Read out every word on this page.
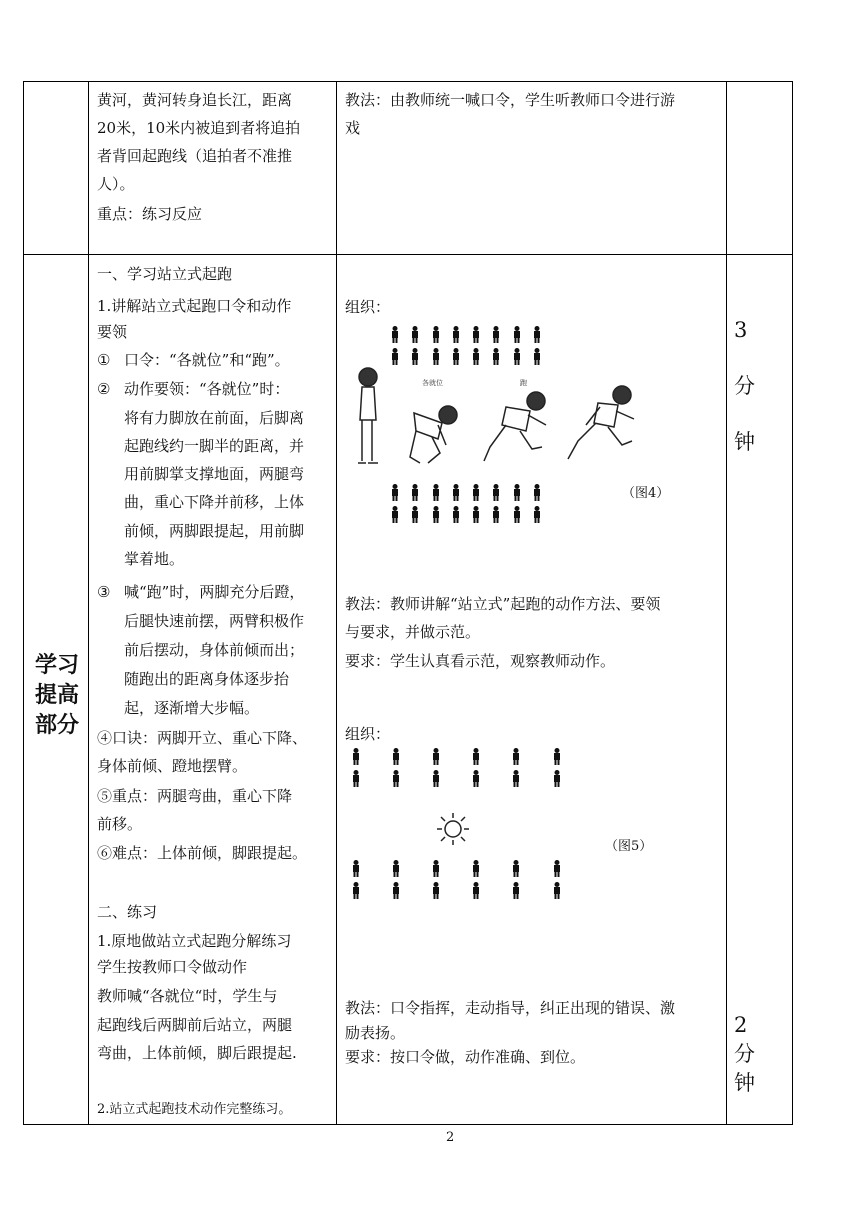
黄河，黄河转身追长江，距离
20米，10米内被追到者将追拍
者背回起跑线（追拍者不准推
人）。
重点：练习反应
教法：由教师统一喊口令，学生听教师口令进行游
戏
学习
提高
部分
一、学习站立式起跑
1.讲解站立式起跑口令和动作
要领
① 口令：“各就位”和“跑”。
② 动作要领：“各就位”时：
将有力脚放在前面，后脚离
起跑线约一脚半的距离，并
用前脚掌支撑地面，两腿弯
曲，重心下降并前移，上体
前倾，两脚跟提起，用前脚
掌着地。
③ 喊“跑”时，两脚充分后蹬，
后腿快速前摆，两臂积极作
前后摆动，身体前倾而出；
随跑出的距离身体逐步抬
起，逐渐增大步幅。
④口诀：两脚开立、重心下降、
身体前倾、蹬地摆臂。
⑤重点：两腿弯曲，重心下降
前移。
⑥难点：上体前倾，脚跟提起。
二、练习
1.原地做站立式起跑分解练习
学生按教师口令做动作
教师喊“各就位“时，学生与
起跑线后两脚前后站立，两腿
弯曲，上体前倾，脚后跟提起.
2.站立式起跑技术动作完整练习。
组织：
各就位	跑
（图4）
教法：教师讲解“站立式”起跑的动作方法、要领
与要求，并做示范。
要求：学生认真看示范，观察教师动作。
组织：
（图5）
教法：口令指挥，走动指导，纠正出现的错误、激
励表扬。
要求：按口令做，动作准确、到位。
3
分
钟
2
分
钟
2
